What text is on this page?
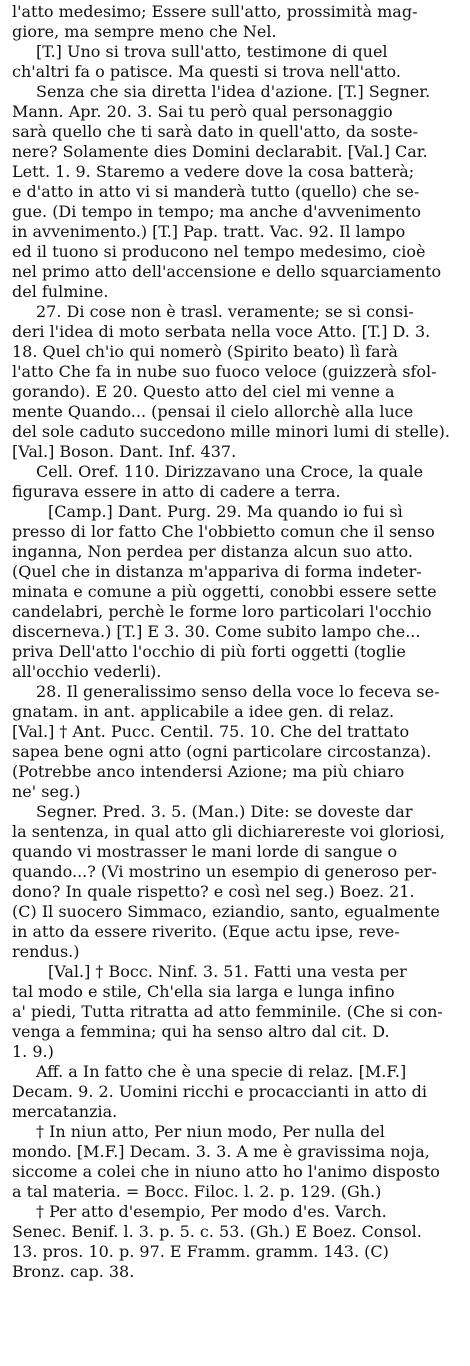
l'atto medesimo; Essere sull'atto, prossimità mag-
giore, ma sempre meno che Nel.
[T.] Uno si trova sull'atto, testimone di quel
ch'altri fa o patisce. Ma questi si trova nell'atto.
Senza che sia diretta l'idea d'azione. [T.] Segner.
Mann. Apr. 20. 3. Sai tu però qual personaggio
sarà quello che ti sarà dato in quell'atto, da soste-
nere? Solamente dies Domini declarabit. [Val.] Car.
Lett. 1. 9. Staremo a vedere dove la cosa batterà;
e d'atto in atto vi si manderà tutto (quello) che se-
gue. (Di tempo in tempo; ma anche d'avvenimento
in avvenimento.) [T.] Pap. tratt. Vac. 92. Il lampo
ed il tuono si producono nel tempo medesimo, cioè
nel primo atto dell'accensione e dello squarciamento
del fulmine.
27. Di cose non è trasl. veramente; se si consi-
deri l'idea di moto serbata nella voce Atto. [T.] D. 3.
18. Quel ch'io qui nomerò (Spirito beato) lì farà
l'atto Che fa in nube suo fuoco veloce (guizzerà sfol-
gorando). E 20. Questo atto del ciel mi venne a
mente Quando... (pensai il cielo allorchè alla luce
del sole caduto succedono mille minori lumi di stelle).
[Val.] Boson. Dant. Inf. 437.
Cell. Oref. 110. Dirizzavano una Croce, la quale
figurava essere in atto di cadere a terra.
[Camp.] Dant. Purg. 29. Ma quando io fui sì
presso di lor fatto Che l'obbietto comun che il senso
inganna, Non perdea per distanza alcun suo atto.
(Quel che in distanza m'appariva di forma indeter-
minata e comune a più oggetti, conobbi essere sette
candelabri, perchè le forme loro particolari l'occhio
discerneva.) [T.] E 3. 30. Come subito lampo che...
priva Dell'atto l'occhio di più forti oggetti (toglie
all'occhio vederli).
28. Il generalissimo senso della voce lo feceva se-
gnatam. in ant. applicabile a idee gen. di relaz.
[Val.] † Ant. Pucc. Centil. 75. 10. Che del trattato
sapea bene ogni atto (ogni particolare circostanza).
(Potrebbe anco intendersi Azione; ma più chiaro
ne' seg.)
Segner. Pred. 3. 5. (Man.) Dite: se doveste dar
la sentenza, in qual atto gli dichiarereste voi gloriosi,
quando vi mostrasser le mani lorde di sangue o
quando...? (Vi mostrino un esempio di generoso per-
dono? In quale rispetto? e così nel seg.) Boez. 21.
(C) Il suocero Simmaco, eziandio, santo, egualmente
in atto da essere riverito. (Eque actu ipse, reve-
rendus.)
[Val.] † Bocc. Ninf. 3. 51. Fatti una vesta per
tal modo e stile, Ch'ella sia larga e lunga infino
a' piedi, Tutta ritratta ad atto femminile. (Che si con-
venga a femmina; qui ha senso altro dal cit. D.
1. 9.)
Aff. a In fatto che è una specie di relaz. [M.F.]
Decam. 9. 2. Uomini ricchi e procaccianti in atto di
mercatanzia.
† In niun atto, Per niun modo, Per nulla del
mondo. [M.F.] Decam. 3. 3. A me è gravissima noja,
siccome a colei che in niuno atto ho l'animo disposto
a tal materia. = Bocc. Filoc. l. 2. p. 129. (Gh.)
† Per atto d'esempio, Per modo d'es. Varch.
Senec. Benif. l. 3. p. 5. c. 53. (Gh.) E Boez. Consol.
13. pros. 10. p. 97. E Framm. gramm. 143. (C)
Bronz. cap. 38.
